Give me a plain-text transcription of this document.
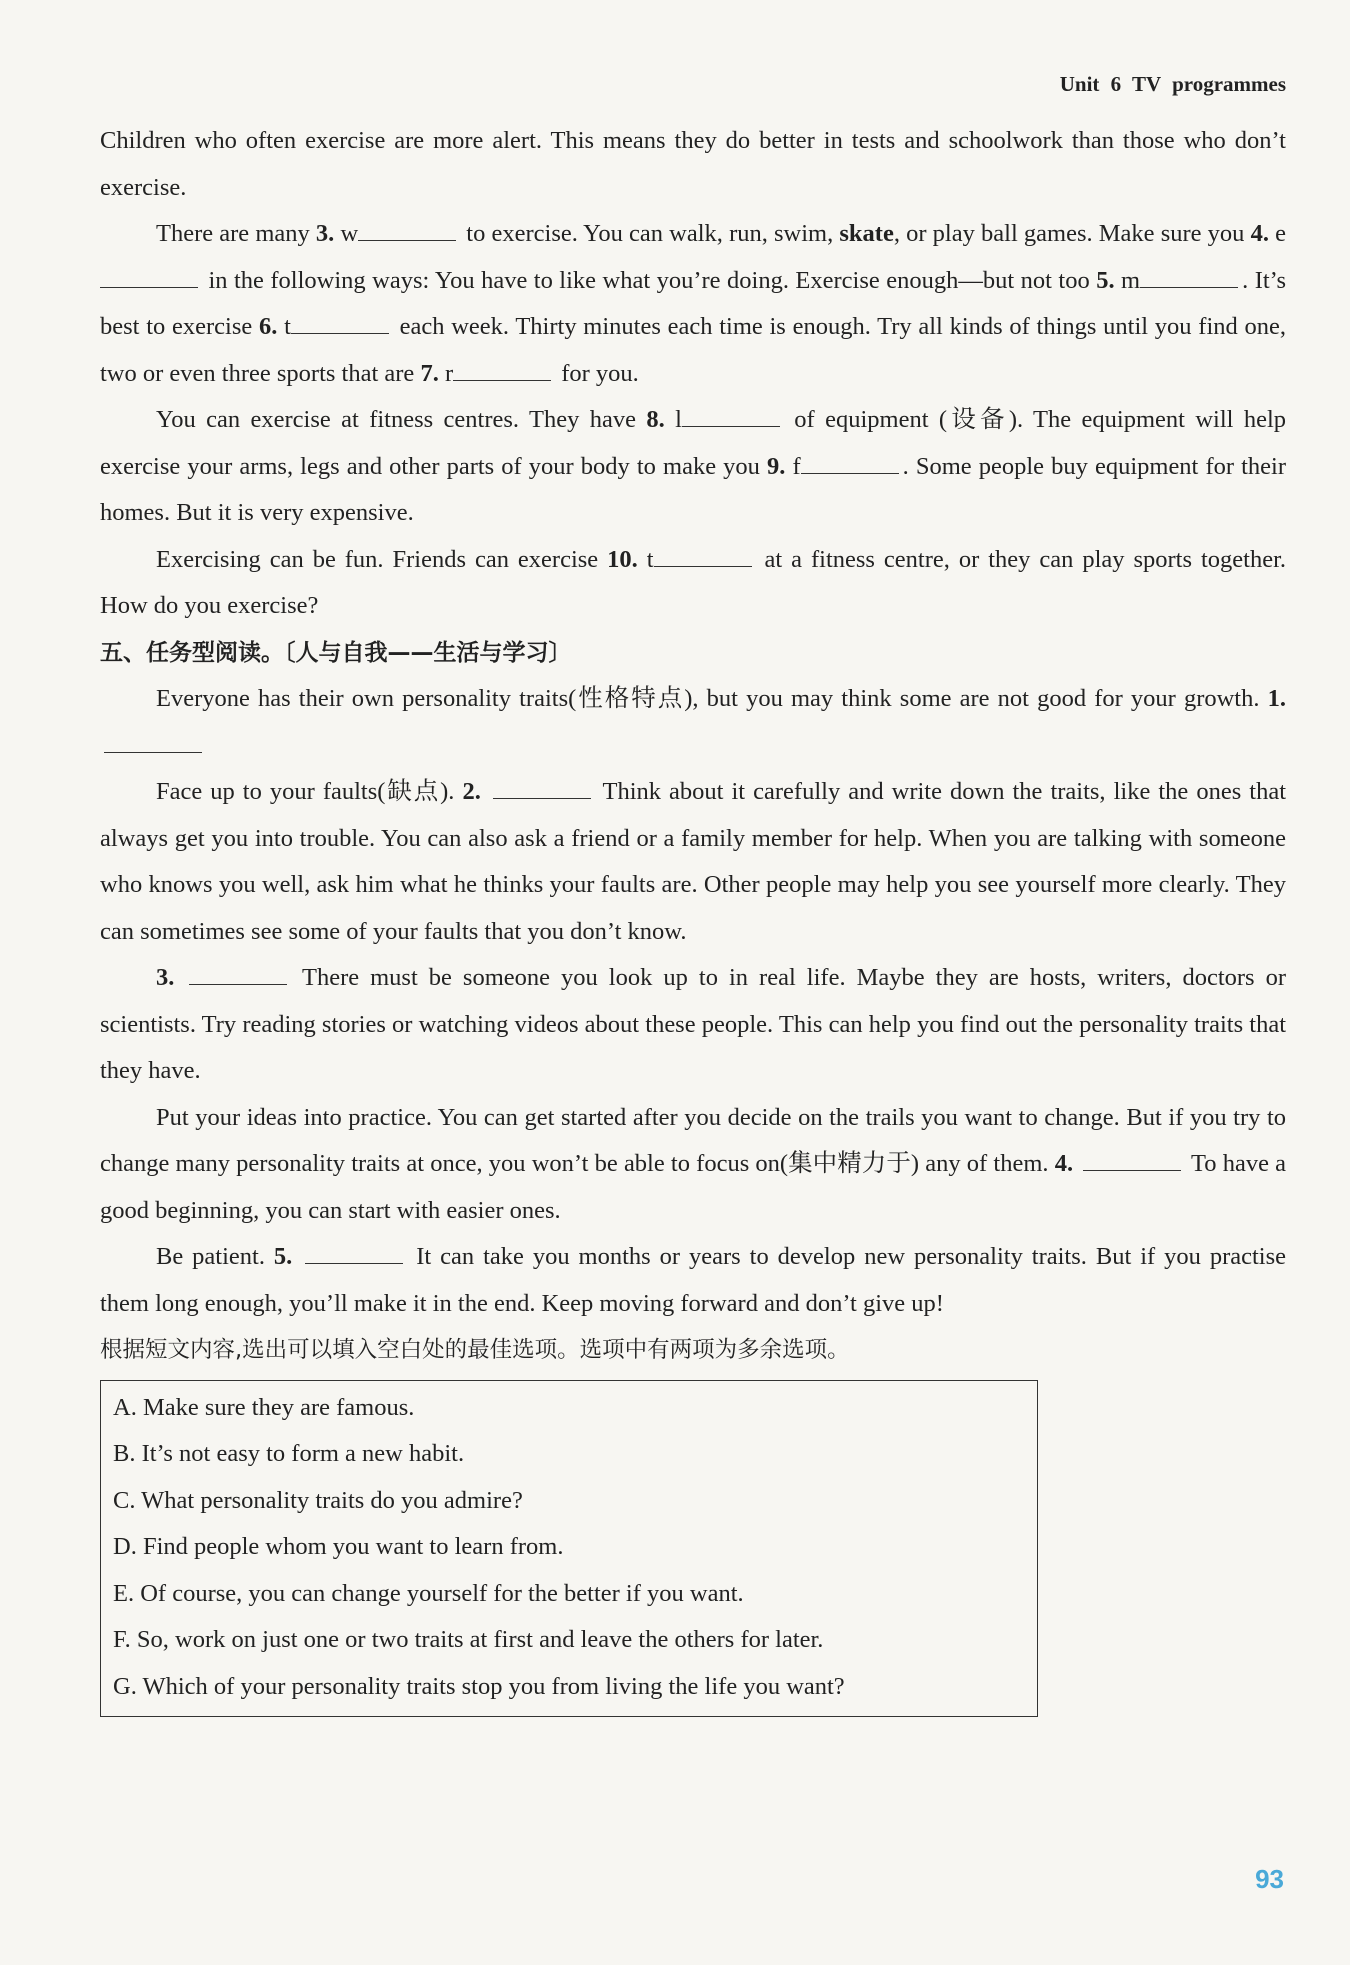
Unit 6 TV programmes

Children who often exercise are more alert. This means they do better in tests and schoolwork than those who don’t exercise.

There are many 3. w	to exercise. You can walk, run, swim, skate, or play ball games. Make sure you 4. e in the following ways: You have to like what you’re doing. Exercise enough—but not too 5. m	. It’s best to exercise 6. t	each week. Thirty minutes each time is enough. Try all kinds of things until you find one, two or even three sports that are 7. r	for you.

You can exercise at fitness centres. They have 8. l	of equipment (设备). The equipment will help exercise your arms, legs and other parts of your body to make you 9. f	. Some people buy equipment for their homes. But it is very expensive.

Exercising can be fun. Friends can exercise 10. t	at a fitness centre, or they can play sports together. How do you exercise?

五、任务型阅读。〔人与自我——生活与学习〕

Everyone has their own personality traits(性格特点), but you may think some are not good for your growth. 1.

Face up to your faults(缺点). 2.	Think about it carefully and write down the traits, like the ones that always get you into trouble. You can also ask a friend or a family member for help. When you are talking with someone who knows you well, ask him what he thinks your faults are. Other people may help you see yourself more clearly. They can sometimes see some of your faults that you don’t know.

3.	There must be someone you look up to in real life. Maybe they are hosts, writers, doctors or scientists. Try reading stories or watching videos about these people. This can help you find out the personality traits that they have.

Put your ideas into practice. You can get started after you decide on the trails you want to change. But if you try to change many personality traits at once, you won’t be able to focus on(集中精力于) any of them. 4.	To have a good beginning, you can start with easier ones.

Be patient. 5.	It can take you months or years to develop new personality traits. But if you practise them long enough, you’ll make it in the end. Keep moving forward and don’t give up!

根据短文内容,选出可以填入空白处的最佳选项。选项中有两项为多余选项。
A. Make sure they are famous.
B. It’s not easy to form a new habit.
C. What personality traits do you admire?
D. Find people whom you want to learn from.
E. Of course, you can change yourself for the better if you want.
F. So, work on just one or two traits at first and leave the others for later.
G. Which of your personality traits stop you from living the life you want?
93
